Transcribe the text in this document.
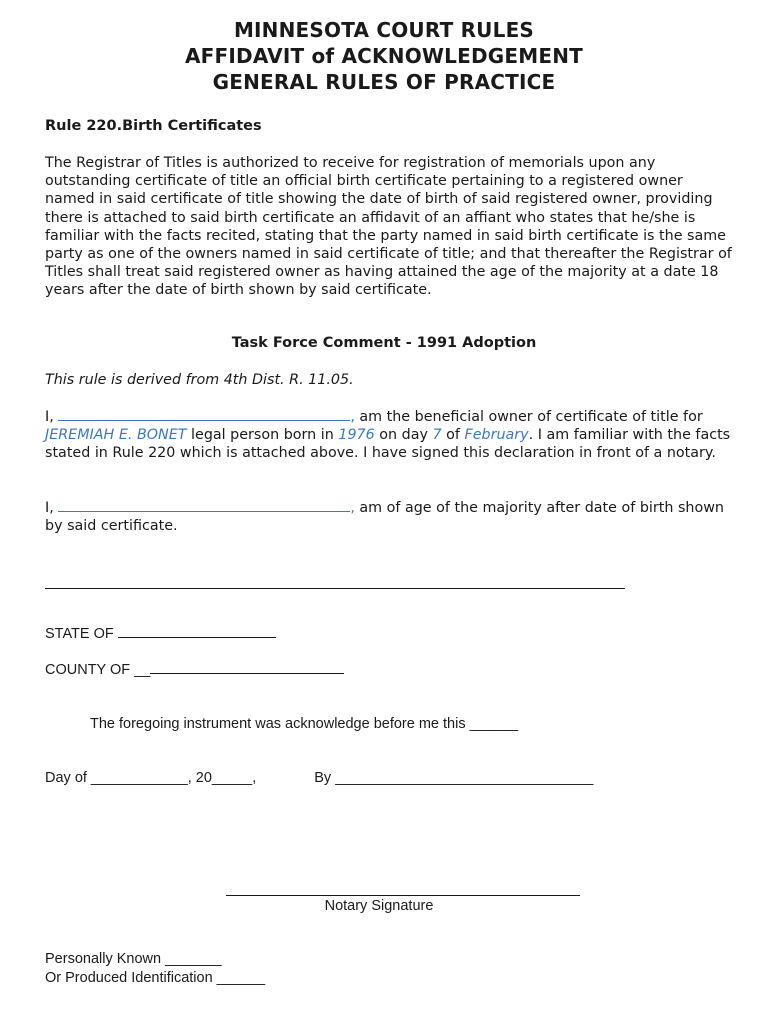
MINNESOTA COURT RULES
AFFIDAVIT of ACKNOWLEDGEMENT
GENERAL RULES OF PRACTICE
Rule 220.Birth Certificates
The Registrar of Titles is authorized to receive for registration of memorials upon any outstanding certificate of title an official birth certificate pertaining to a registered owner named in said certificate of title showing the date of birth of said registered owner, providing there is attached to said birth certificate an affidavit of an affiant who states that he/she is familiar with the facts recited, stating that the party named in said birth certificate is the same party as one of the owners named in said certificate of title; and that thereafter the Registrar of Titles shall treat said registered owner as having attained the age of the majority at a date 18 years after the date of birth shown by said certificate.
Task Force Comment - 1991 Adoption
This rule is derived from 4th Dist. R. 11.05.
I,	, am the beneficial owner of certificate of title for JEREMIAH E. BONET legal person born in 1976 on day 7 of February. I am familiar with the facts stated in Rule 220 which is attached above. I have signed this declaration in front of a notary.
I,	, am of age of the majority after date of birth shown by said certificate.
STATE OF
COUNTY OF __
The foregoing instrument was acknowledge before me this ______
Day of ____________, 20_____,	By ________________________________
Notary Signature
Personally Known _______
Or Produced Identification ______
